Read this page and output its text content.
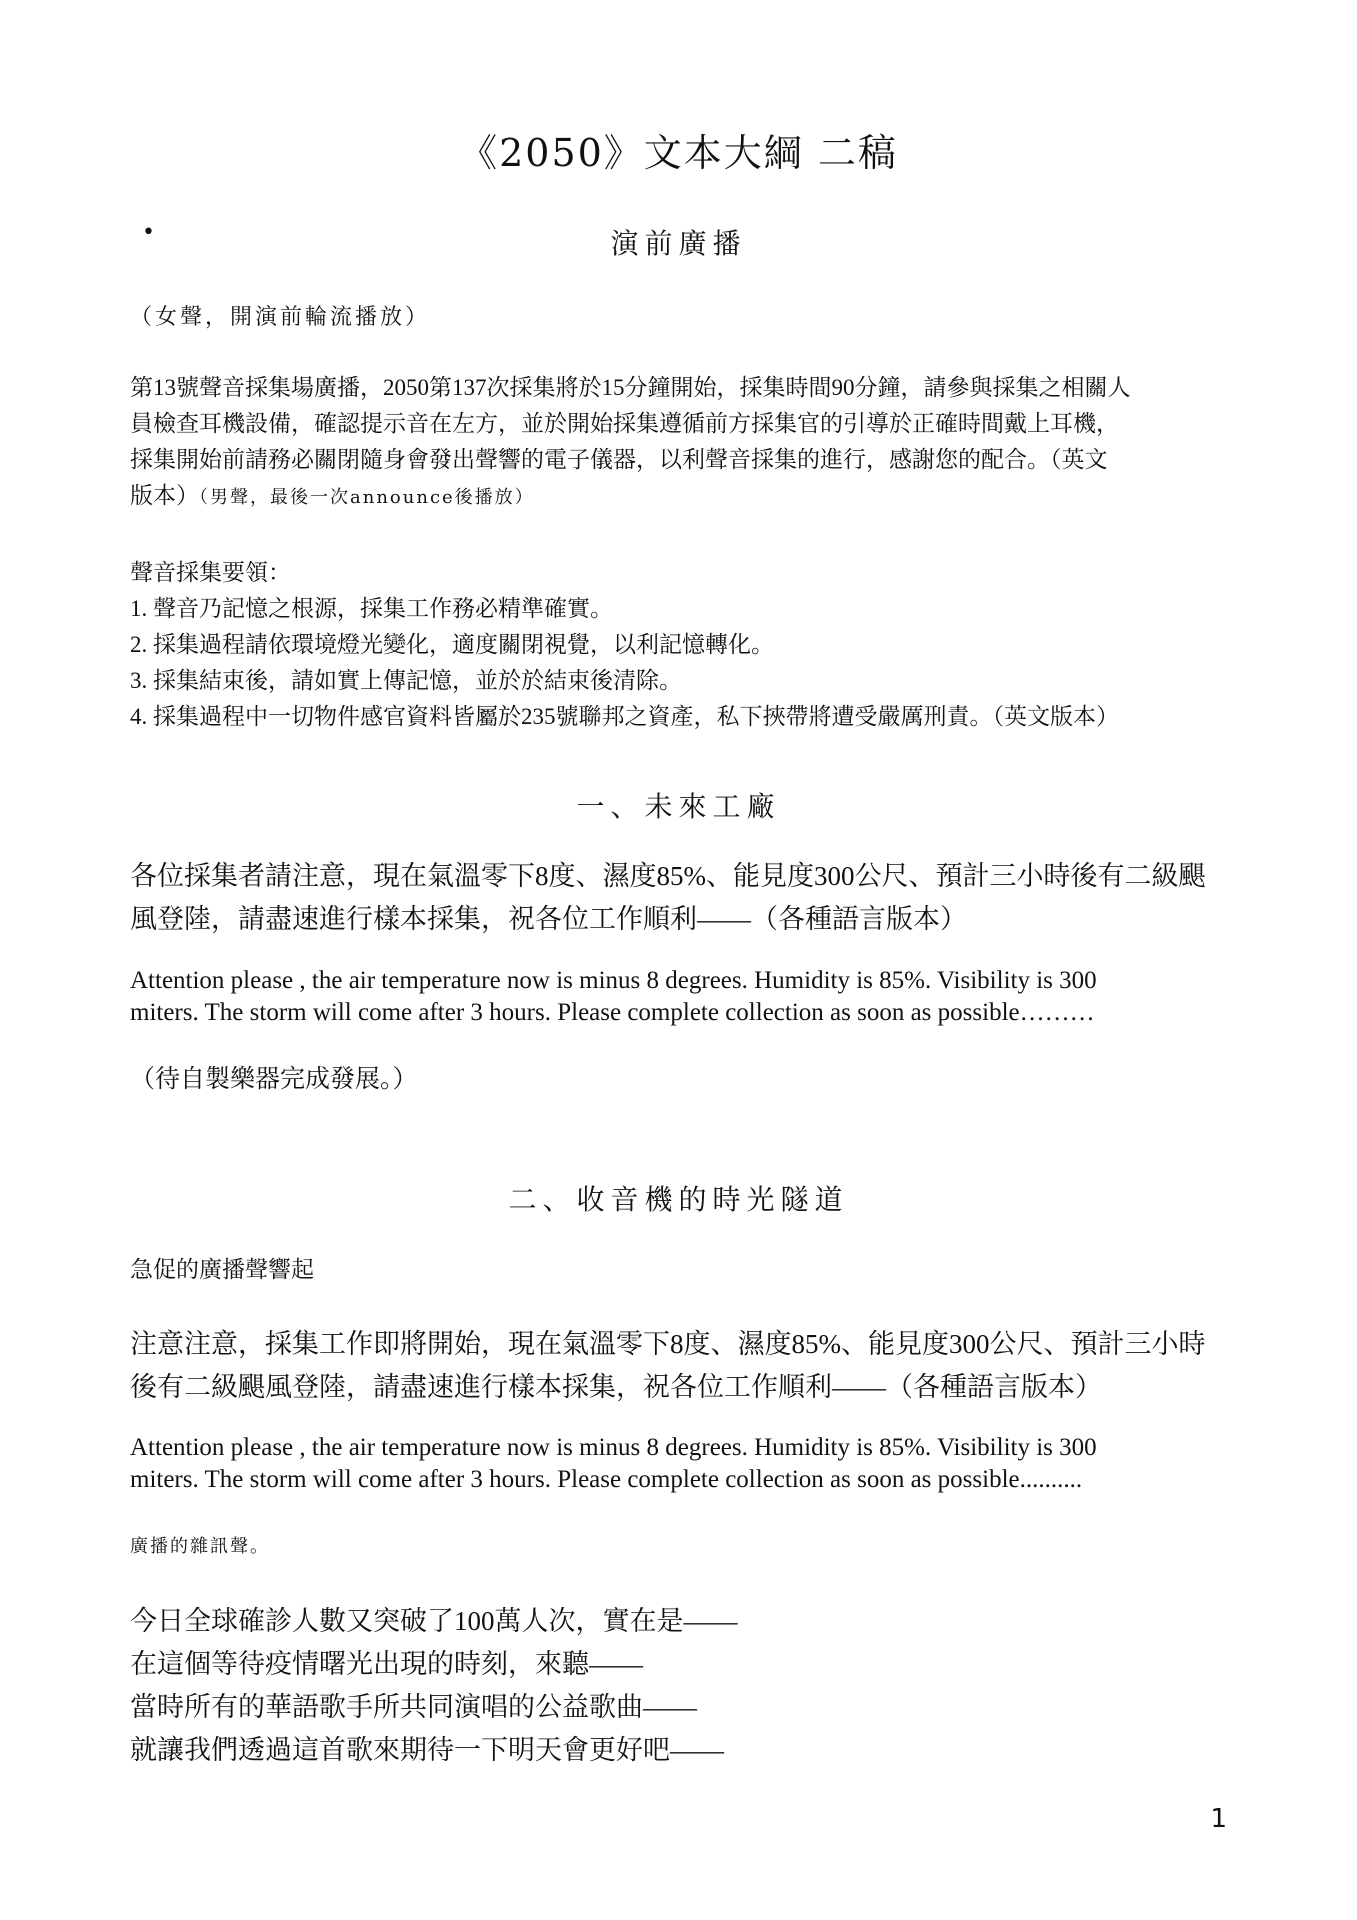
《2050》文本大綱 二稿
•	演前廣播
（女聲，開演前輪流播放）
第13號聲音採集場廣播，2050第137次採集將於15分鐘開始，採集時間90分鐘，請參與採集之相關人
員檢查耳機設備，確認提示音在左方，並於開始採集遵循前方採集官的引導於正確時間戴上耳機，
採集開始前請務必關閉隨身會發出聲響的電子儀器，以利聲音採集的進行，感謝您的配合。（英文
版本）（男聲，最後一次announce後播放）
聲音採集要領：
1. 聲音乃記憶之根源，採集工作務必精準確實。
2. 採集過程請依環境燈光變化，適度關閉視覺，以利記憶轉化。
3. 採集結束後，請如實上傳記憶，並於於結束後清除。
4. 採集過程中一切物件感官資料皆屬於235號聯邦之資產，私下挾帶將遭受嚴厲刑責。（英文版本）
一、未來工廠
各位採集者請注意，現在氣溫零下8度、濕度85%、能見度300公尺、預計三小時後有二級颶
風登陸，請盡速進行樣本採集，祝各位工作順利——（各種語言版本）
Attention please , the air temperature now is minus 8 degrees. Humidity is 85%. Visibility is 300
miters. The storm will come after 3 hours. Please complete collection as soon as possible………
（待自製樂器完成發展。）
二、收音機的時光隧道
急促的廣播聲響起
注意注意，採集工作即將開始，現在氣溫零下8度、濕度85%、能見度300公尺、預計三小時
後有二級颶風登陸，請盡速進行樣本採集，祝各位工作順利——（各種語言版本）
Attention please , the air temperature now is minus 8 degrees. Humidity is 85%. Visibility is 300
miters. The storm will come after 3 hours. Please complete collection as soon as possible..........
廣播的雜訊聲。
今日全球確診人數又突破了100萬人次，實在是——
在這個等待疫情曙光出現的時刻，來聽——
當時所有的華語歌手所共同演唱的公益歌曲——
就讓我們透過這首歌來期待一下明天會更好吧——
1
